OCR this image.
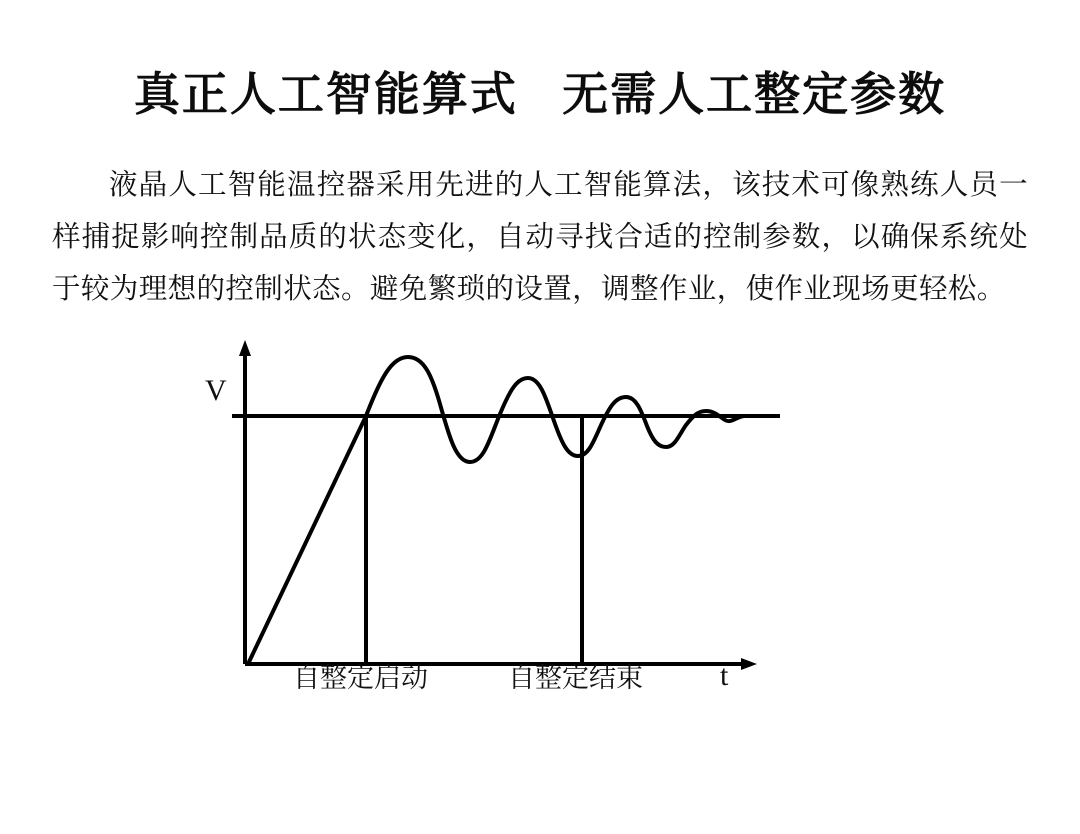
真正人工智能算式   无需人工整定参数

液晶人工智能温控器采用先进的人工智能算法，该技术可像熟练人员一样捕捉影响控制品质的状态变化，自动寻找合适的控制参数，以确保系统处于较为理想的控制状态。避免繁琐的设置，调整作业，使作业现场更轻松。

V
t
自整定启动	自整定结束
